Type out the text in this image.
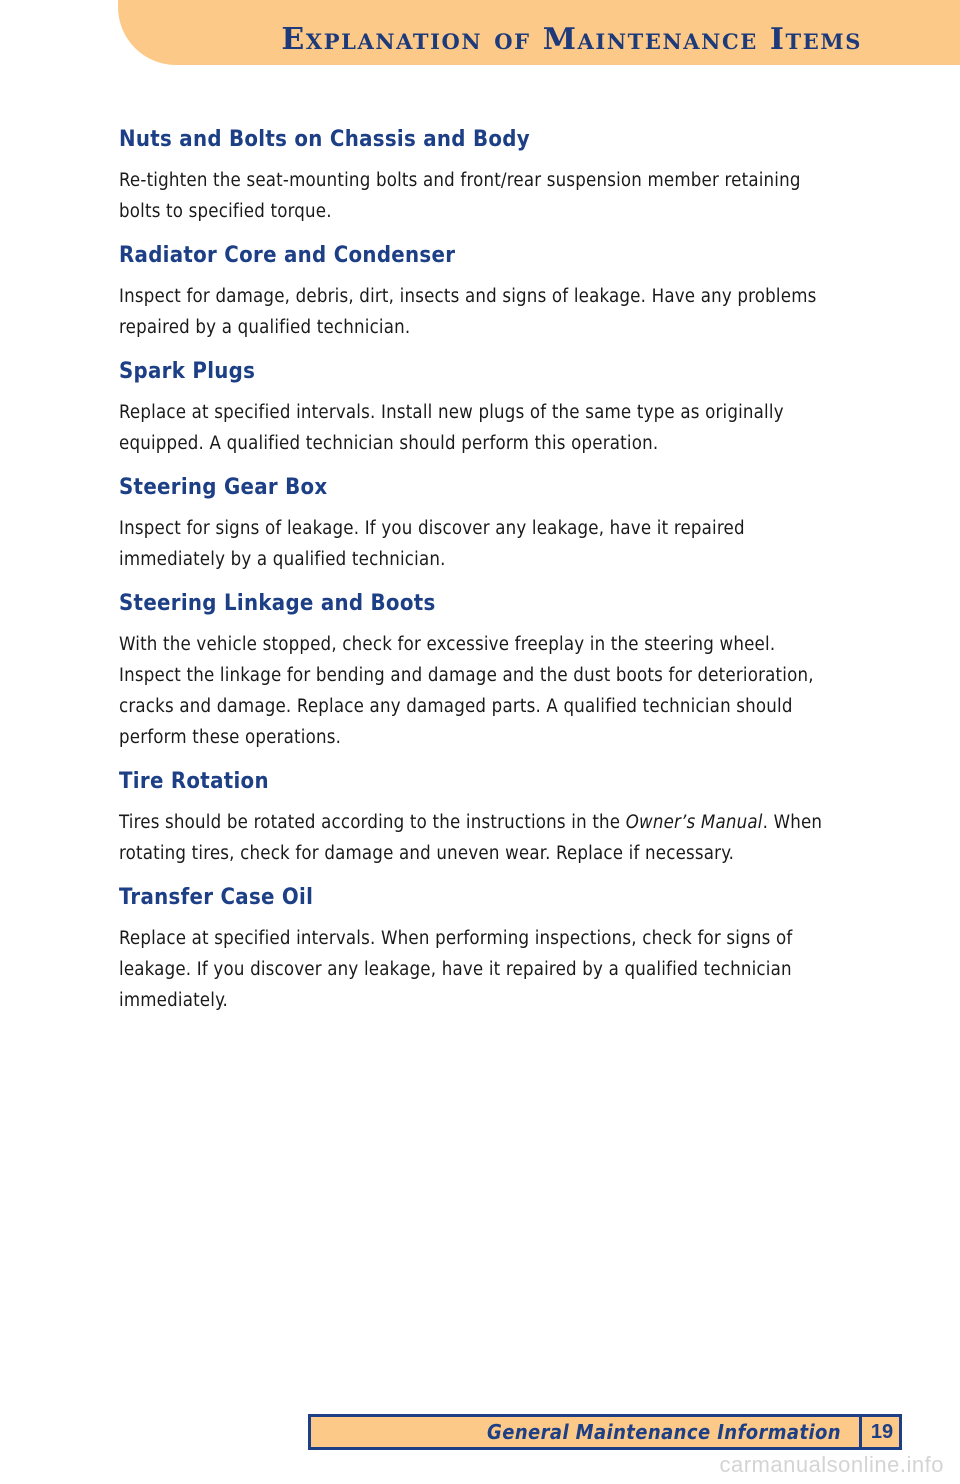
Explanation of Maintenance Items
Nuts and Bolts on Chassis and Body

Re-tighten the seat-mounting bolts and front/rear suspension member retaining bolts to specified torque.

Radiator Core and Condenser

Inspect for damage, debris, dirt, insects and signs of leakage. Have any problems repaired by a qualified technician.

Spark Plugs

Replace at specified intervals. Install new plugs of the same type as originally equipped. A qualified technician should perform this operation.

Steering Gear Box

Inspect for signs of leakage. If you discover any leakage, have it repaired immediately by a qualified technician.

Steering Linkage and Boots

With the vehicle stopped, check for excessive freeplay in the steering wheel. Inspect the linkage for bending and damage and the dust boots for deterioration, cracks and damage. Replace any damaged parts. A qualified technician should perform these operations.

Tire Rotation

Tires should be rotated according to the instructions in the Owner’s Manual. When rotating tires, check for damage and uneven wear. Replace if necessary.

Transfer Case Oil

Replace at specified intervals. When performing inspections, check for signs of leakage. If you discover any leakage, have it repaired by a qualified technician immediately.

General Maintenance Information	19
carmanualsonline.info
